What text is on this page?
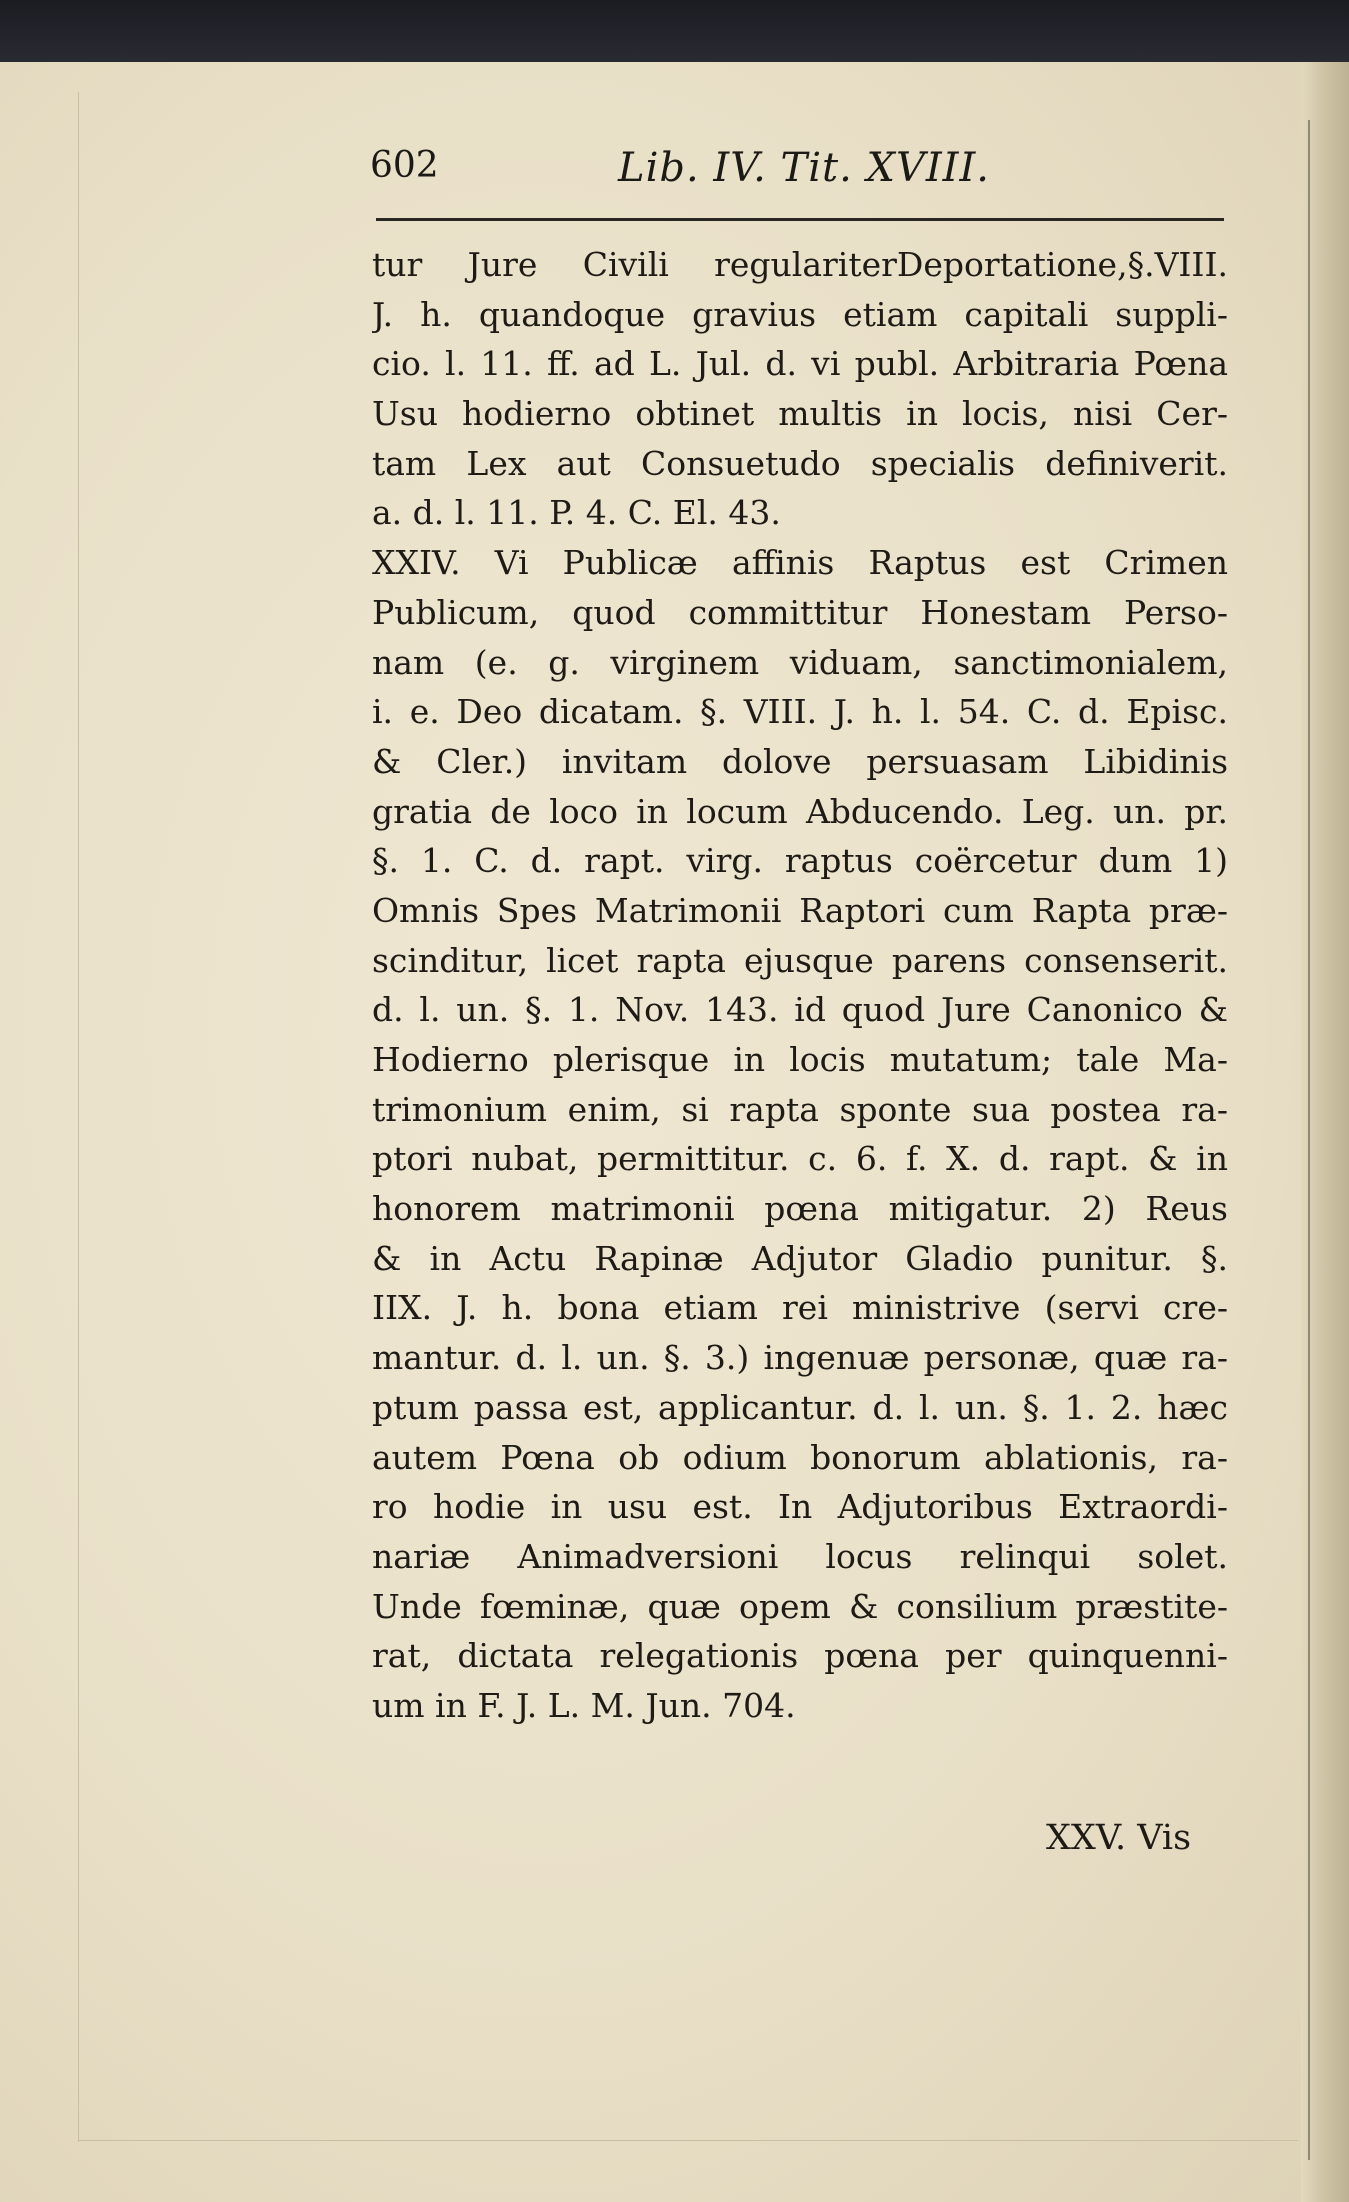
602	Lib. IV. Tit. XVIII.
tur Jure Civili regulariterDeportatione,§.VIII.
J. h. quandoque gravius etiam capitali suppli-
cio. l. 11. ff. ad L. Jul. d. vi publ. Arbitraria Pœna
Usu hodierno obtinet multis in locis, nisi Cer-
tam Lex aut Consuetudo specialis definiverit.
a. d. l. 11. P. 4. C. El. 43.
XXIV. Vi Publicæ affinis Raptus est Crimen
Publicum, quod committitur Honestam Perso-
nam (e. g. virginem viduam, sanctimonialem,
i. e. Deo dicatam. §. VIII. J. h. l. 54. C. d. Episc.
& Cler.) invitam dolove persuasam Libidinis
gratia de loco in locum Abducendo. Leg. un. pr.
§. 1. C. d. rapt. virg. raptus coërcetur dum 1)
Omnis Spes Matrimonii Raptori cum Rapta præ-
scinditur, licet rapta ejusque parens consenserit.
d. l. un. §. 1. Nov. 143. id quod Jure Canonico &
Hodierno plerisque in locis mutatum; tale Ma-
trimonium enim, si rapta sponte sua postea ra-
ptori nubat, permittitur. c. 6. f. X. d. rapt. & in
honorem matrimonii pœna mitigatur. 2) Reus
& in Actu Rapinæ Adjutor Gladio punitur. §.
IIX. J. h. bona etiam rei ministrive (servi cre-
mantur. d. l. un. §. 3.) ingenuæ personæ, quæ ra-
ptum passa est, applicantur. d. l. un. §. 1. 2. hæc
autem Pœna ob odium bonorum ablationis, ra-
ro hodie in usu est. In Adjutoribus Extraordi-
nariæ Animadversioni locus relinqui solet.
Unde fœminæ, quæ opem & consilium præstite-
rat, dictata relegationis pœna per quinquenni-
um in F. J. L. M. Jun. 704.
XXV. Vis
